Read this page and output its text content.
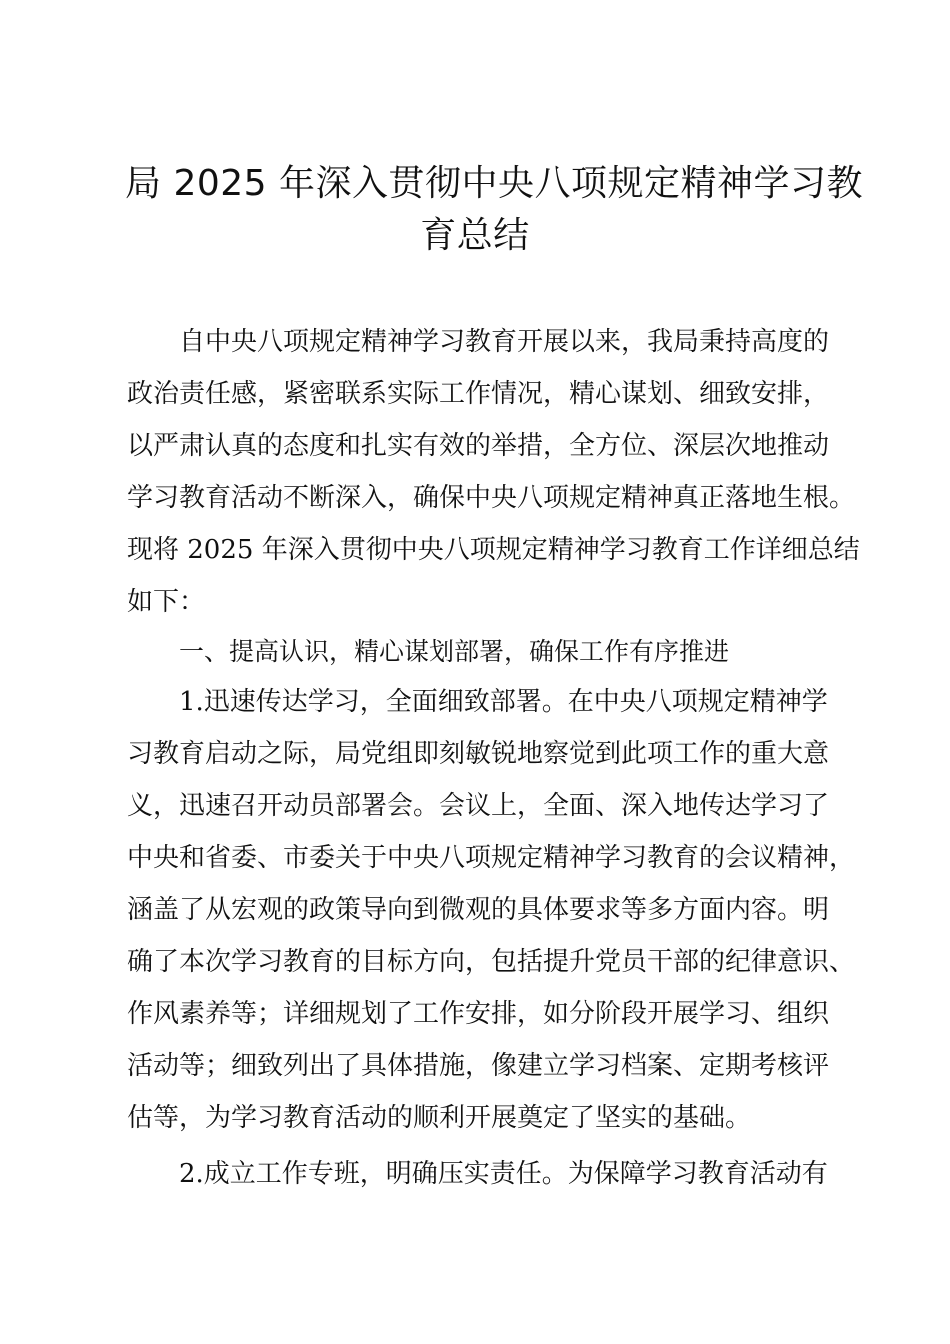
局 2025 年深入贯彻中央八项规定精神学习教
育总结
自中央八项规定精神学习教育开展以来，我局秉持高度的
政治责任感，紧密联系实际工作情况，精心谋划、细致安排，
以严肃认真的态度和扎实有效的举措，全方位、深层次地推动
学习教育活动不断深入，确保中央八项规定精神真正落地生根。
现将 2025 年深入贯彻中央八项规定精神学习教育工作详细总结
如下：
一、提高认识，精心谋划部署，确保工作有序推进
1.迅速传达学习，全面细致部署。在中央八项规定精神学
习教育启动之际，局党组即刻敏锐地察觉到此项工作的重大意
义，迅速召开动员部署会。会议上，全面、深入地传达学习了
中央和省委、市委关于中央八项规定精神学习教育的会议精神，
涵盖了从宏观的政策导向到微观的具体要求等多方面内容。明
确了本次学习教育的目标方向，包括提升党员干部的纪律意识、
作风素养等；详细规划了工作安排，如分阶段开展学习、组织
活动等；细致列出了具体措施，像建立学习档案、定期考核评
估等，为学习教育活动的顺利开展奠定了坚实的基础。
2.成立工作专班，明确压实责任。为保障学习教育活动有
